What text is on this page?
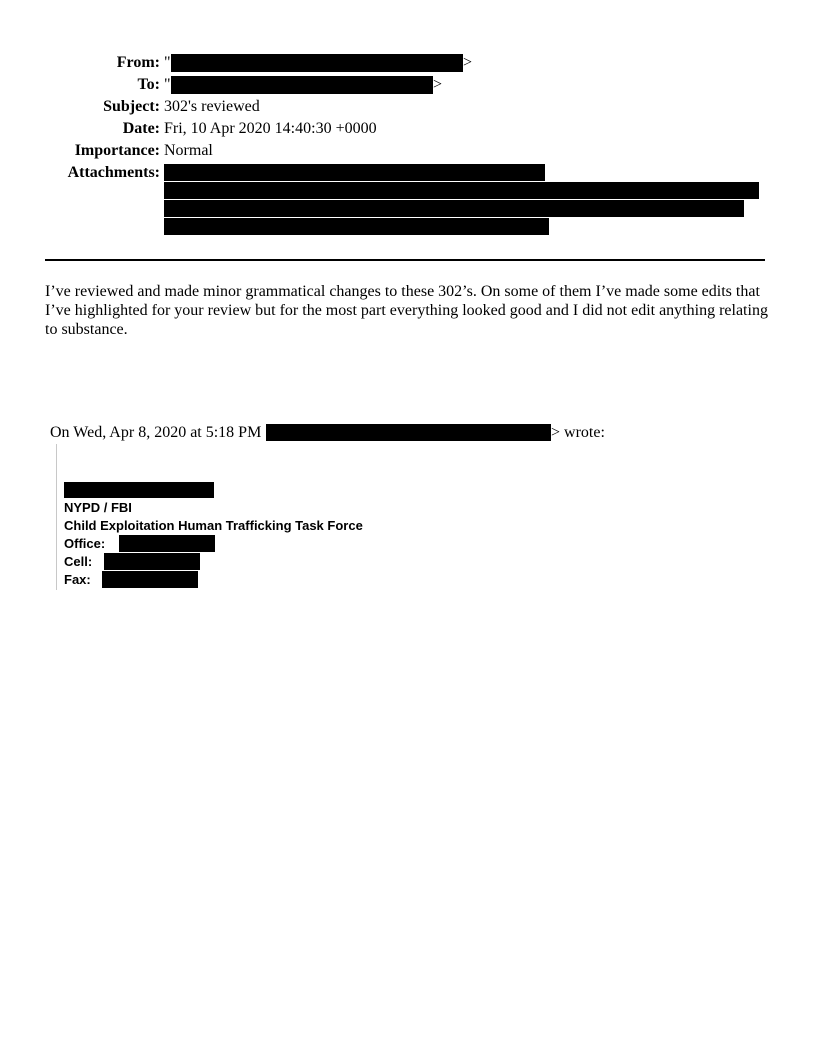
From: "	>
To: "	>
Subject: 302's reviewed
Date: Fri, 10 Apr 2020 14:40:30 +0000
Importance: Normal
Attachments:
I’ve reviewed and made minor grammatical changes to these 302’s. On some of them I’ve made some edits that I’ve highlighted for your review but for the most part everything looked good and I did not edit anything relating to substance.
On Wed, Apr 8, 2020 at 5:18 PM	> wrote:
NYPD / FBI
Child Exploitation Human Trafficking Task Force
Office:
Cell:
Fax:
